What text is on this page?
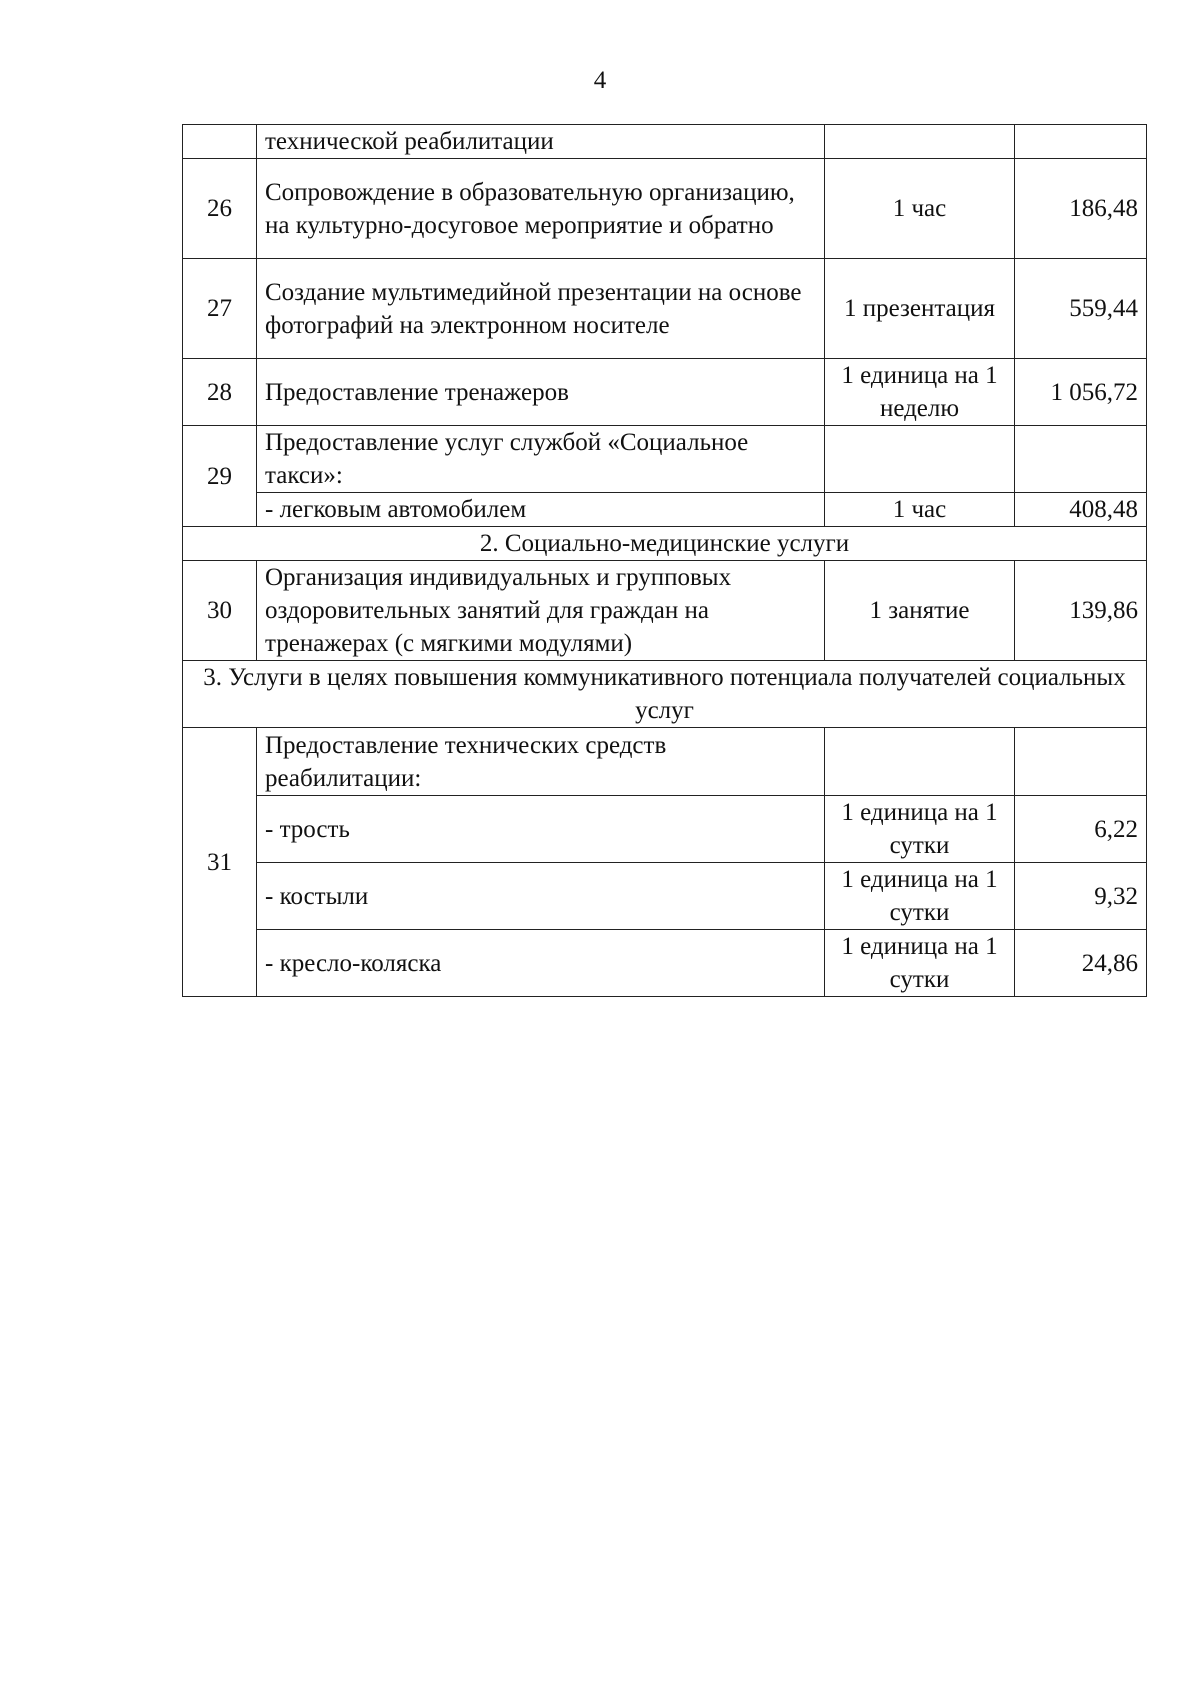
4
	технической реабилитации		
26	Сопровождение в образовательную организацию, на культурно-досуговое мероприятие и обратно	1 час	186,48
27	Создание мультимедийной презентации на основе фотографий на электронном носителе	1 презентация	559,44
28	Предоставление тренажеров	1 единица на 1 неделю	1 056,72
29	Предоставление услуг службой «Социальное такси»:		
	- легковым автомобилем	1 час	408,48
2. Социально-медицинские услуги			
30	Организация индивидуальных и групповых оздоровительных занятий для граждан на тренажерах (с мягкими модулями)	1 занятие	139,86
3. Услуги в целях повышения коммуникативного потенциала получателей социальных услуг			
31	Предоставление технических средств реабилитации:		
	- трость	1 единица на 1 сутки	6,22
	- костыли	1 единица на 1 сутки	9,32
	- кресло-коляска	1 единица на 1 сутки	24,86
